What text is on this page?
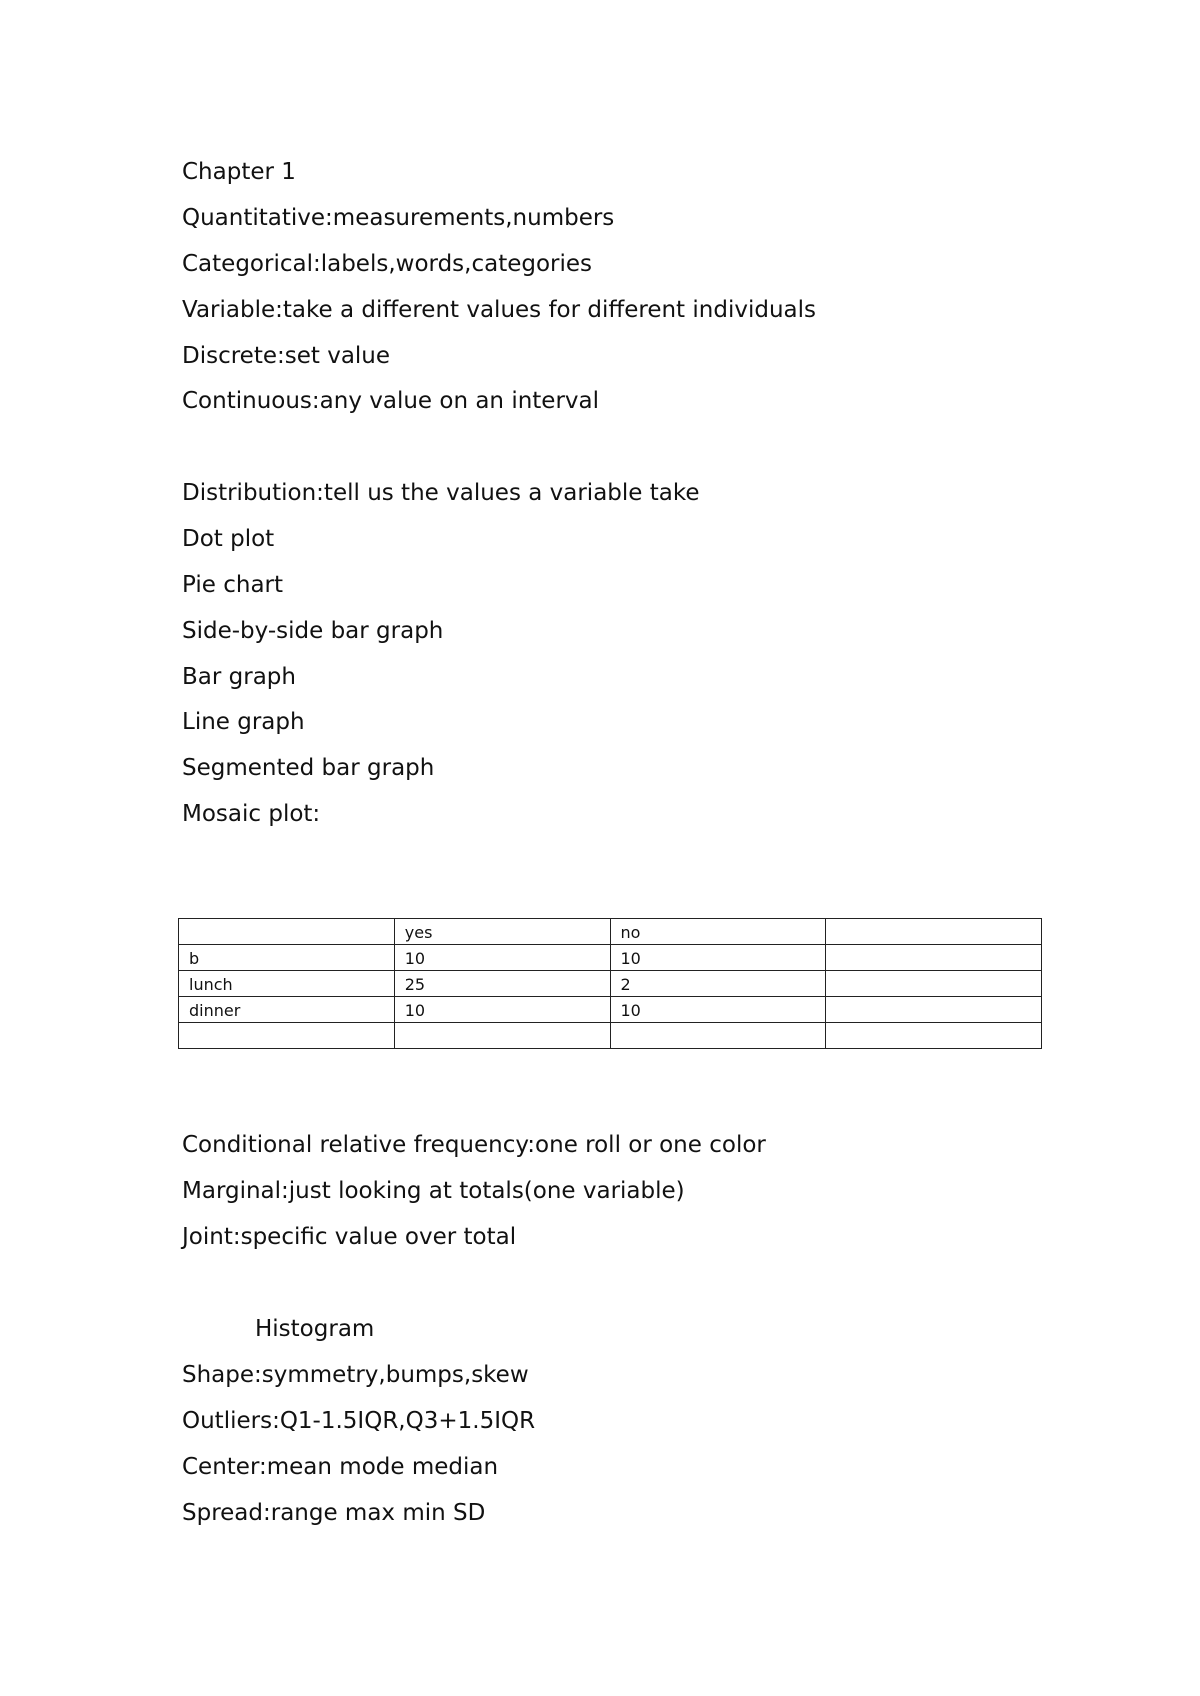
Chapter 1
Quantitative:measurements,numbers
Categorical:labels,words,categories
Variable:take a different values for different individuals
Discrete:set value
Continuous:any value on an interval
Distribution:tell us the values a variable take
Dot plot
Pie chart
Side-by-side bar graph
Bar graph
Line graph
Segmented bar graph
Mosaic plot:
	yes	no	
b	10	10	
lunch	25	2	
dinner	10	10	

Conditional relative frequency:one roll or one color
Marginal:just looking at totals(one variable)
Joint:specific value over total
Histogram
Shape:symmetry,bumps,skew
Outliers:Q1-1.5IQR,Q3+1.5IQR
Center:mean mode median
Spread:range max min SD
